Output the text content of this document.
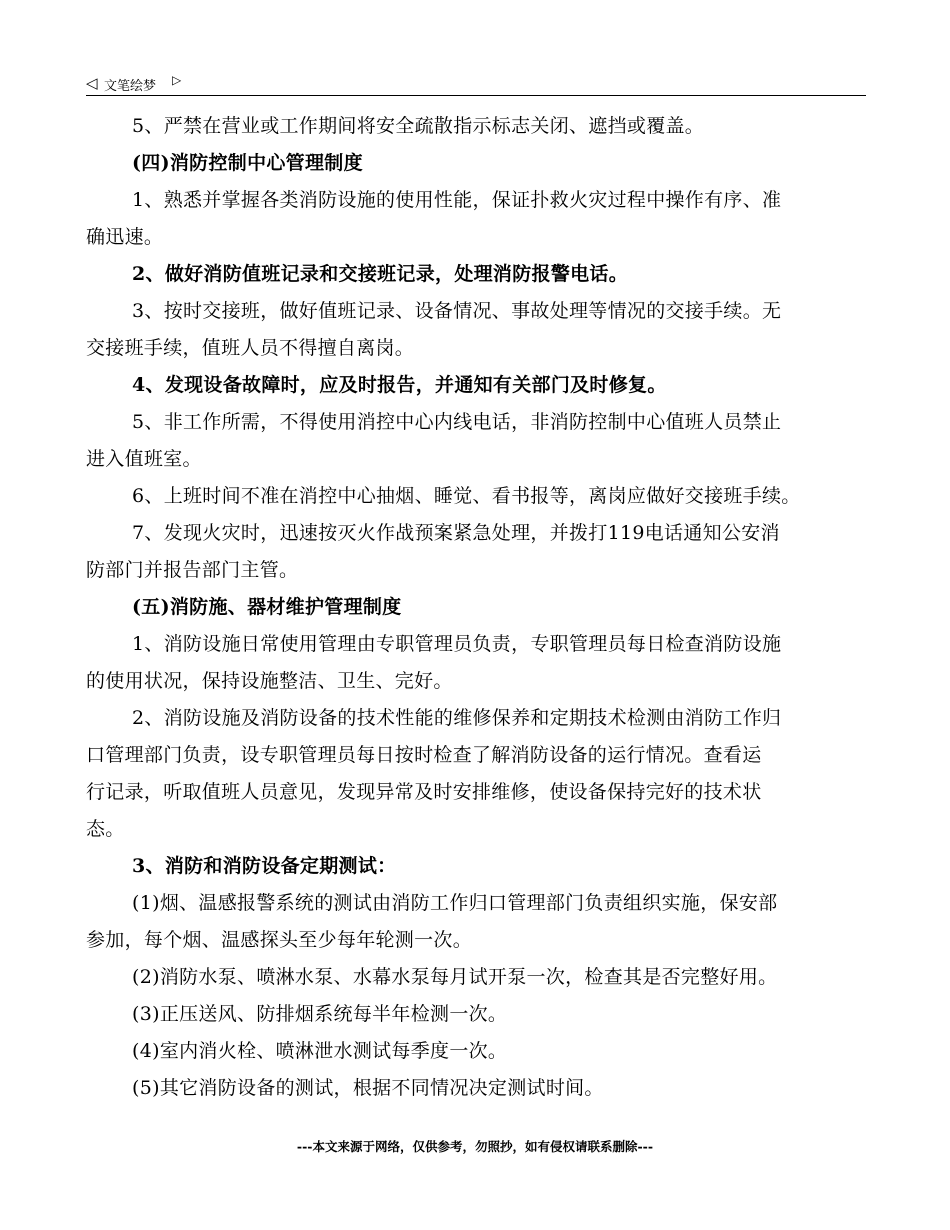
◁ 文笔绘梦 ▷
5、严禁在营业或工作期间将安全疏散指示标志关闭、遮挡或覆盖。
(四)消防控制中心管理制度
1、熟悉并掌握各类消防设施的使用性能，保证扑救火灾过程中操作有序、准
确迅速。
2、做好消防值班记录和交接班记录，处理消防报警电话。
3、按时交接班，做好值班记录、设备情况、事故处理等情况的交接手续。无
交接班手续，值班人员不得擅自离岗。
4、发现设备故障时，应及时报告，并通知有关部门及时修复。
5、非工作所需，不得使用消控中心内线电话，非消防控制中心值班人员禁止
进入值班室。
6、上班时间不准在消控中心抽烟、睡觉、看书报等，离岗应做好交接班手续。
7、发现火灾时，迅速按灭火作战预案紧急处理，并拨打119电话通知公安消
防部门并报告部门主管。
(五)消防施、器材维护管理制度
1、消防设施日常使用管理由专职管理员负责，专职管理员每日检查消防设施
的使用状况，保持设施整洁、卫生、完好。
2、消防设施及消防设备的技术性能的维修保养和定期技术检测由消防工作归
口管理部门负责，设专职管理员每日按时检查了解消防设备的运行情况。查看运
行记录，听取值班人员意见，发现异常及时安排维修，使设备保持完好的技术状
态。
3、消防和消防设备定期测试：
(1)烟、温感报警系统的测试由消防工作归口管理部门负责组织实施，保安部
参加，每个烟、温感探头至少每年轮测一次。
(2)消防水泵、喷淋水泵、水幕水泵每月试开泵一次，检查其是否完整好用。
(3)正压送风、防排烟系统每半年检测一次。
(4)室内消火栓、喷淋泄水测试每季度一次。
(5)其它消防设备的测试，根据不同情况决定测试时间。
---本文来源于网络，仅供参考，勿照抄，如有侵权请联系删除---
